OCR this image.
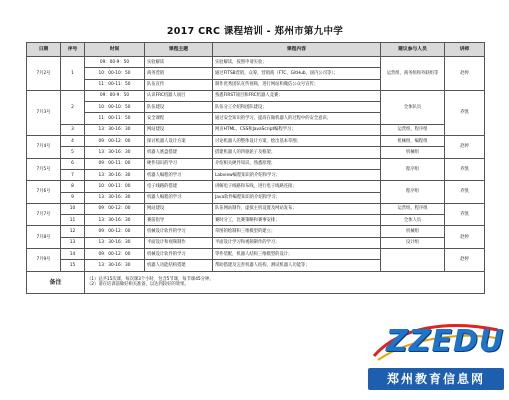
2017 CRC 课程培训 - 郑州市第九中学
日期	序号	时间	课程主题	课程内容	建议参与人员	讲师
7月2号	1	09：00-9：50	实验解读	实验解读，按照申请实验；	运营组、商务组和外联组等	赵婷
		10：00-10：50	商务营销	通过FITSB营销，众筹，营销商（FTC，GitHub，国内公司等）；		
		11：00-11：50	队伍宣传	制作优秀团队宣传视频，进行网站和微信公众号宣传；		
7月3号	2	09：00-9：50	认识FRC机器人项目	熟悉FIRST项目和FRC机器人竞赛；	全体队员	乔凯
		10：00-10：50	队伍建设	队伍分工介绍和团队建设；		
		11：00-11：50	安全课程	通过安全知识的学习，提高在做机器人的过程中的安全意识；		
	3	13：30-16：30	网站建设	网页HTML，CSS和JavaScript编程学习；	运营组，程序组	
7月4号	4	09：00-12：00	探讨机器人设计方案	讨论机器人的整体设计方案，绘出基本草图；	机械组，编程组	赵婷
	5	13：30-16：30	机器人底盘搭建	搭建机器人的四驱轮子及框架；	机械组	
7月5号	6	09：00-11：00	硬件知识的学习	介绍相关硬件知识，熟悉原理；	程序组	乔凯
	7	13：30-16：30	机器人编程的学习	Labview编程知识的介绍和学习；		
7月6号	8	10：00-11：00	电子线路的搭建	讲解电子线路和布线，进行电子线路连接；	程序组	乔凯
	9	13：30-16：30	机器人编程的学习	Java软件编程知识的介绍和学习；		
7月7号	10	09：00-12：00	网站建设	队伍网站制作，虚拟主机设置及网站发布；	运营组，程序组	乔凯
	11	13：30-16：30	赛前指导	赛时分工，比赛策略和赛事安排；	全体人员	
7月8号	12	09：00-12：00	机械设计软件的学习	草图的绘制和三维模型的建立；	机械组	赵婷
	13	13：30-16：30	平面设计和视频制作	平面设计学习和视频制作的学习；	设计组	
7月9号	14	09：00-12：00	机械设计软件的学习	零件装配，机器人结构三维模型的设计；		赵婷
	15	13：30-16：30	机器人功能结构搭建	帮助搭建及完善机器人结构，测试机器人功能等；		
备注		（1）总共15次课，每次课3个小时，包含5节课，每节课45分钟。
（2）请在培训前做好相关准备，以达到较好的效果。				
ZZEDU
郑州教育信息网
